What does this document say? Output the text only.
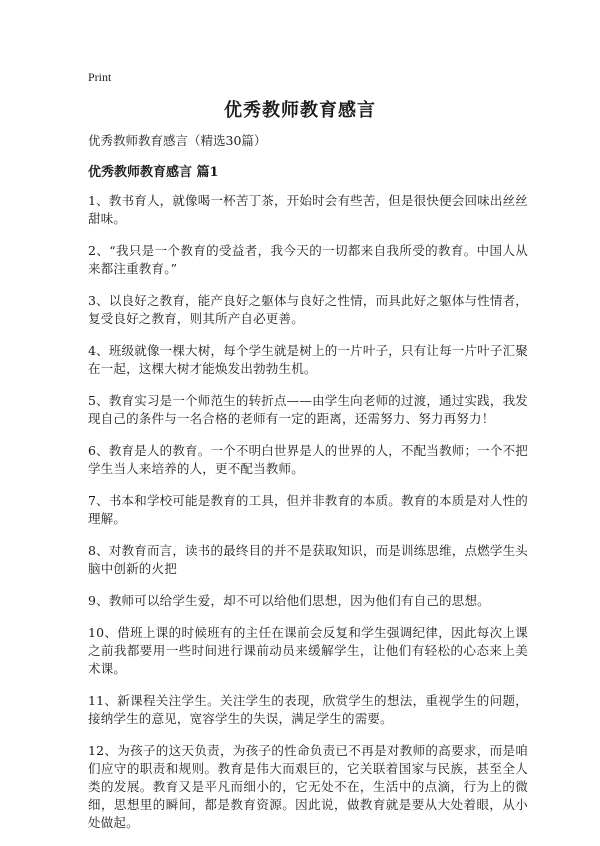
Print
优秀教师教育感言

优秀教师教育感言（精选30篇）

优秀教师教育感言 篇1

1、教书育人，就像喝一杯苦丁茶，开始时会有些苦，但是很快便会回味出丝丝甜味。

2、“我只是一个教育的受益者，我今天的一切都来自我所受的教育。中国人从来都注重教育。”

3、以良好之教育，能产良好之躯体与良好之性情，而具此好之躯体与性情者，复受良好之教育，则其所产自必更善。

4、班级就像一棵大树，每个学生就是树上的一片叶子，只有让每一片叶子汇聚在一起，这棵大树才能焕发出勃勃生机。

5、教育实习是一个师范生的转折点——由学生向老师的过渡，通过实践，我发现自己的条件与一名合格的老师有一定的距离，还需努力、努力再努力！

6、教育是人的教育。一个不明白世界是人的世界的人，不配当教师；一个不把学生当人来培养的人，更不配当教师。

7、书本和学校可能是教育的工具，但并非教育的本质。教育的本质是对人性的理解。

8、对教育而言，读书的最终目的并不是获取知识，而是训练思维，点燃学生头脑中创新的火把

9、教师可以给学生爱，却不可以给他们思想，因为他们有自己的思想。

10、借班上课的时候班有的主任在课前会反复和学生强调纪律，因此每次上课之前我都要用一些时间进行课前动员来缓解学生，让他们有轻松的心态来上美术课。

11、新课程关注学生。关注学生的表现，欣赏学生的想法，重视学生的问题，接纳学生的意见，宽容学生的失误，满足学生的需要。

12、为孩子的这天负责，为孩子的性命负责已不再是对教师的高要求，而是咱们应守的职责和规则。教育是伟大而艰巨的，它关联着国家与民族，甚至全人类的发展。教育又是平凡而细小的，它无处不在，生活中的点滴，行为上的微细，思想里的瞬间，都是教育资源。因此说，做教育就是要从大处着眼，从小处做起。
